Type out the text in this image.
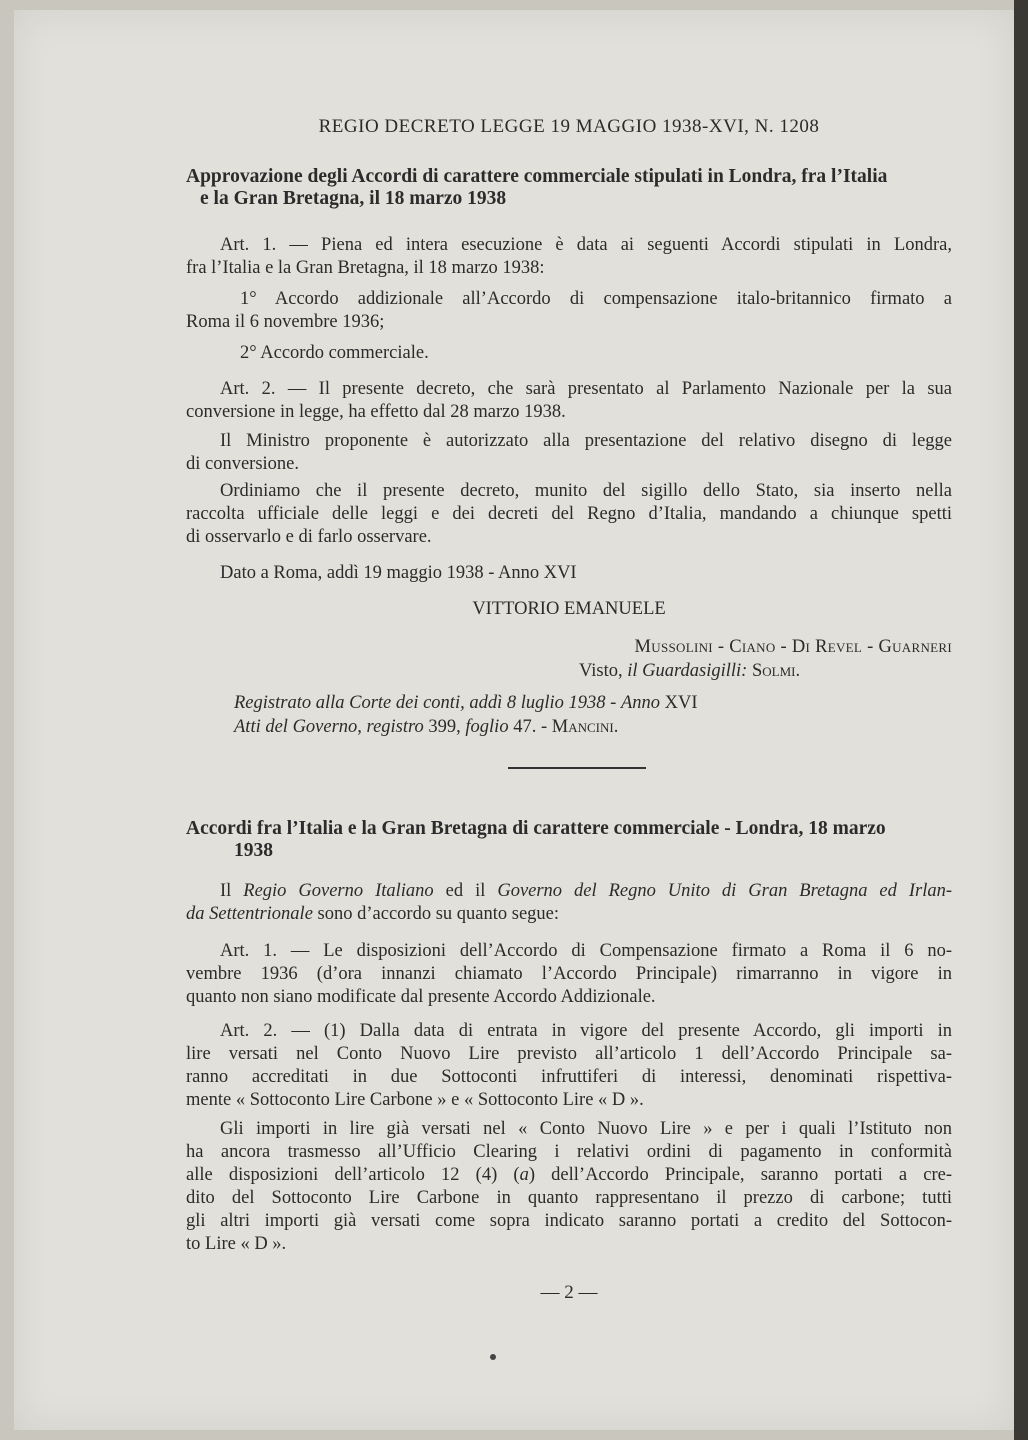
REGIO DECRETO LEGGE 19 MAGGIO 1938-XVI, N. 1208
Approvazione degli Accordi di carattere commerciale stipulati in Londra, fra l’Italia
e la Gran Bretagna, il 18 marzo 1938
Art. 1. — Piena ed intera esecuzione è data ai seguenti Accordi stipulati in Londra,
fra l’Italia e la Gran Bretagna, il 18 marzo 1938:
1° Accordo addizionale all’Accordo di compensazione italo-britannico firmato a
Roma il 6 novembre 1936;
2° Accordo commerciale.
Art. 2. — Il presente decreto, che sarà presentato al Parlamento Nazionale per la sua
conversione in legge, ha effetto dal 28 marzo 1938.
Il Ministro proponente è autorizzato alla presentazione del relativo disegno di legge
di conversione.
Ordiniamo che il presente decreto, munito del sigillo dello Stato, sia inserto nella
raccolta ufficiale delle leggi e dei decreti del Regno d’Italia, mandando a chiunque spetti
di osservarlo e di farlo osservare.
Dato a Roma, addì 19 maggio 1938 - Anno XVI
VITTORIO EMANUELE
Mussolini - Ciano - Di Revel - Guarneri
Visto, il Guardasigilli: Solmi.
Registrato alla Corte dei conti, addì 8 luglio 1938 - Anno XVI
Atti del Governo, registro 399, foglio 47. - Mancini.
Accordi fra l’Italia e la Gran Bretagna di carattere commerciale - Londra, 18 marzo
1938
Il Regio Governo Italiano ed il Governo del Regno Unito di Gran Bretagna ed Irlan-
da Settentrionale sono d’accordo su quanto segue:
Art. 1. — Le disposizioni dell’Accordo di Compensazione firmato a Roma il 6 no-
vembre 1936 (d’ora innanzi chiamato l’Accordo Principale) rimarranno in vigore in
quanto non siano modificate dal presente Accordo Addizionale.
Art. 2. — (1) Dalla data di entrata in vigore del presente Accordo, gli importi in
lire versati nel Conto Nuovo Lire previsto all’articolo 1 dell’Accordo Principale sa-
ranno accreditati in due Sottoconti infruttiferi di interessi, denominati rispettiva-
mente « Sottoconto Lire Carbone » e « Sottoconto Lire « D ».
Gli importi in lire già versati nel « Conto Nuovo Lire » e per i quali l’Istituto non
ha ancora trasmesso all’Ufficio Clearing i relativi ordini di pagamento in conformità
alle disposizioni dell’articolo 12 (4) (a) dell’Accordo Principale, saranno portati a cre-
dito del Sottoconto Lire Carbone in quanto rappresentano il prezzo di carbone; tutti
gli altri importi già versati come sopra indicato saranno portati a credito del Sottocon-
to Lire « D ».
— 2 —
